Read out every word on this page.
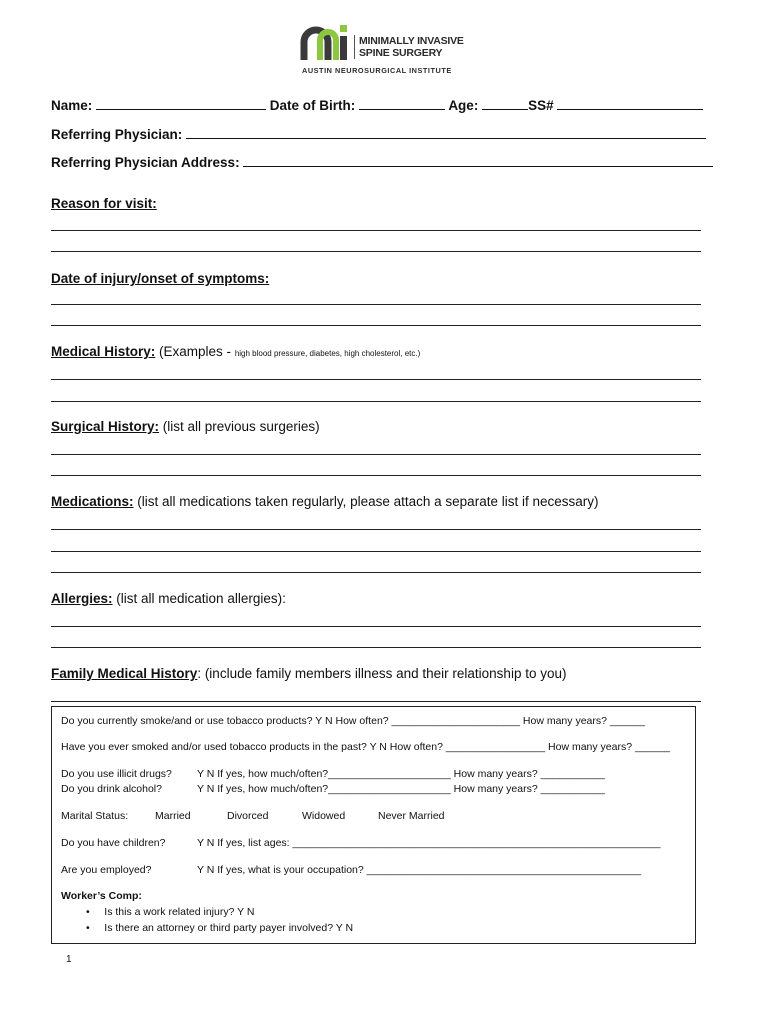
MINIMALLY INVASIVE
SPINE SURGERY
AUSTIN NEUROSURGICAL INSTITUTE
Name:	Date of Birth:	Age:	SS#
Referring Physician:
Referring Physician Address:
Reason for visit:
Date of injury/onset of symptoms:
Medical History: (Examples - high blood pressure, diabetes, high cholesterol, etc.)
Surgical History: (list all previous surgeries)
Medications: (list all medications taken regularly, please attach a separate list if necessary)
Allergies: (list all medication allergies):
Family Medical History: (include family members illness and their relationship to you)
Do you currently smoke/and or use tobacco products? Y N How often? ______________________ How many years? ______
Have you ever smoked and/or used tobacco products in the past? Y N How often? _________________ How many years? ______
Do you use illicit drugs? Y N If yes, how much/often?_____________________ How many years? ___________
Do you drink alcohol?	Y N If yes, how much/often?_____________________ How many years? ___________
Marital Status:	Married	Divorced	Widowed	Never Married
Do you have children?	Y N If yes, list ages: _______________________________________________________________
Are you employed?	Y N If yes, what is your occupation? _______________________________________________
Worker’s Comp:
• Is this a work related injury? Y N
• Is there an attorney or third party payer involved? Y N
1
